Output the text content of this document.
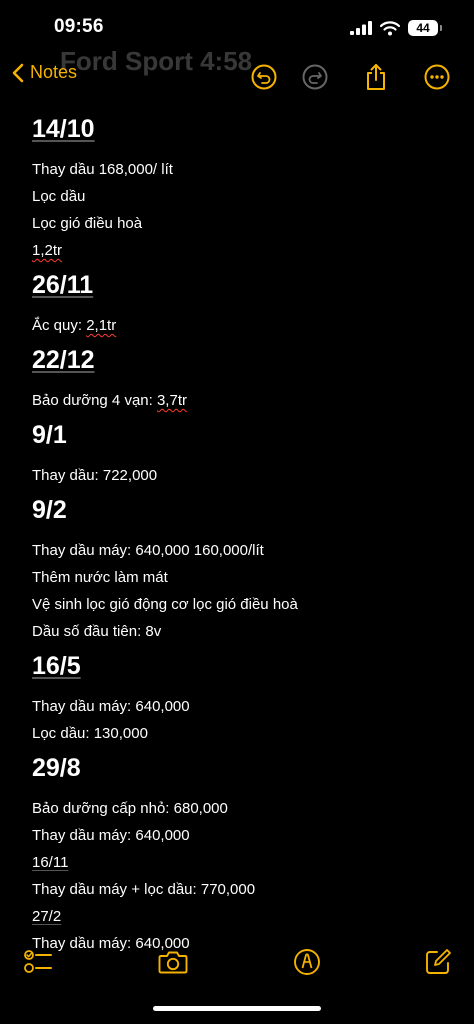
09:56	44
Ford Sport 4:58
Notes
14/10
Thay dầu 168,000/ lít
Lọc dầu
Lọc gió điều hoà
1,2tr
26/11
Ắc quy: 2,1tr
22/12
Bảo dưỡng 4 vạn: 3,7tr
9/1
Thay dầu: 722,000
9/2
Thay dầu máy: 640,000 160,000/lít
Thêm nước làm mát
Vệ sinh lọc gió động cơ lọc gió điều hoà
Dầu số đầu tiên: 8v
16/5
Thay dầu máy: 640,000
Lọc dầu: 130,000
29/8
Bảo dưỡng cấp nhỏ: 680,000
Thay dầu máy: 640,000
16/11
Thay dầu máy + lọc dầu: 770,000
27/2
Thay dầu máy: 640,000
